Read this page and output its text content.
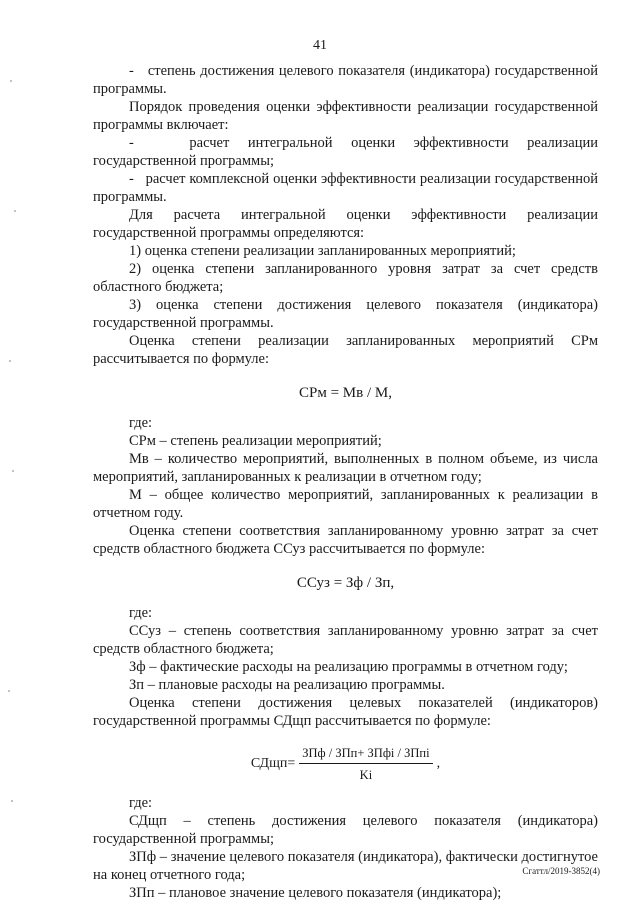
41

-   степень достижения целевого показателя (индикатора) государственной программы.

Порядок проведения оценки эффективности реализации государственной программы включает:

-   расчет интегральной оценки эффективности реализации государственной программы;

-   расчет комплексной оценки эффективности реализации государственной программы.

Для расчета интегральной оценки эффективности реализации государственной программы определяются:

1) оценка степени реализации запланированных мероприятий;

2) оценка степени запланированного уровня затрат за счет средств областного бюджета;

3) оценка степени достижения целевого показателя (индикатора) государственной программы.

Оценка степени реализации запланированных мероприятий СРм рассчитывается по формуле:

СРм = Мв / М,

где:

СРм – степень реализации мероприятий;

Мв – количество мероприятий, выполненных в полном объеме, из числа мероприятий, запланированных к реализации в отчетном году;

М – общее количество мероприятий, запланированных к реализации в отчетном году.

Оценка степени соответствия запланированному уровню затрат за счет средств областного бюджета ССуз рассчитывается по формуле:

ССуз = Зф / Зп,

где:

ССуз – степень соответствия запланированному уровню затрат за счет средств областного бюджета;

Зф – фактические расходы на реализацию программы в отчетном году;

Зп – плановые расходы на реализацию программы.

Оценка степени достижения целевых показателей (индикаторов) государственной программы СДщп рассчитывается по формуле:

СДщп= $\frac{\text{ЗПф / ЗПп+ ЗПфi / ЗПпi}}{Ki}$ ,

где:

СДщп – степень достижения целевого показателя (индикатора) государственной программы;

ЗПф – значение целевого показателя (индикатора), фактически достигнутое на конец отчетного года;

ЗПп – плановое значение целевого показателя (индикатора);

Сгаттл/2019-3852(4)
